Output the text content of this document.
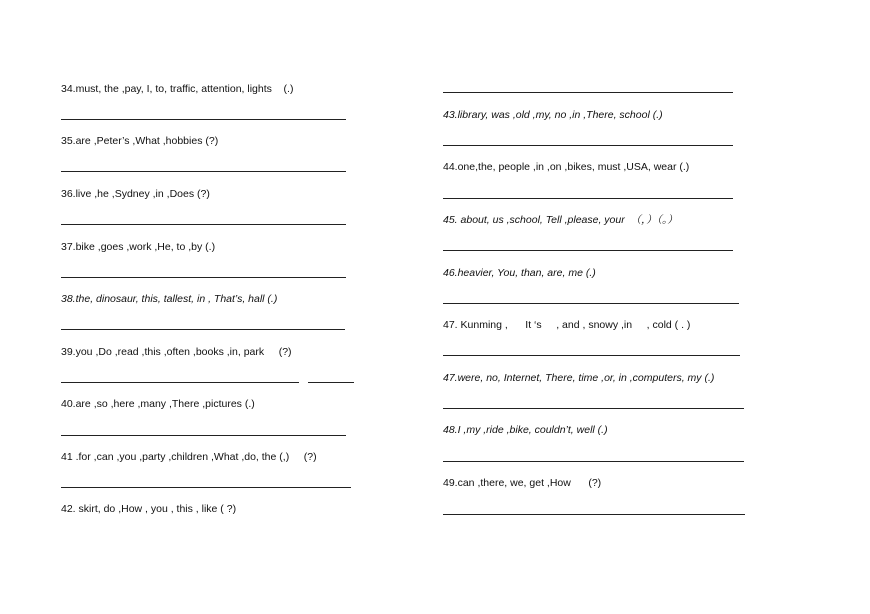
34.must, the ,pay, I, to, traffic, attention, lights    (.)
35.are ,Peter’s ,What ,hobbies (?)
36.live ,he ,Sydney ,in ,Does (?)
37.bike ,goes ,work ,He, to ,by (.)
38.the, dinosaur, this, tallest, in , That’s, hall (.)
39.you ,Do ,read ,this ,often ,books ,in, park     (?)
40.are ,so ,here ,many ,There ,pictures (.)
41 .for ,can ,you ,party ,children ,What ,do, the (,)     (?)
42. skirt, do ,How , you , this , like ( ?)
43.library, was ,old ,my, no ,in ,There, school (.)
44.one,the, people ,in ,on ,bikes, must ,USA, wear (.)
45. about, us ,school, Tell ,please, your  （，）（。）
46.heavier, You, than, are, me (.)
47. Kunming ,      It ‘s     , and , snowy ,in     , cold ( . )
47.were, no, Internet, There, time ,or, in ,computers, my (.)
48.I ,my ,ride ,bike, couldn’t, well (.)
49.can ,there, we, get ,How      (?)
